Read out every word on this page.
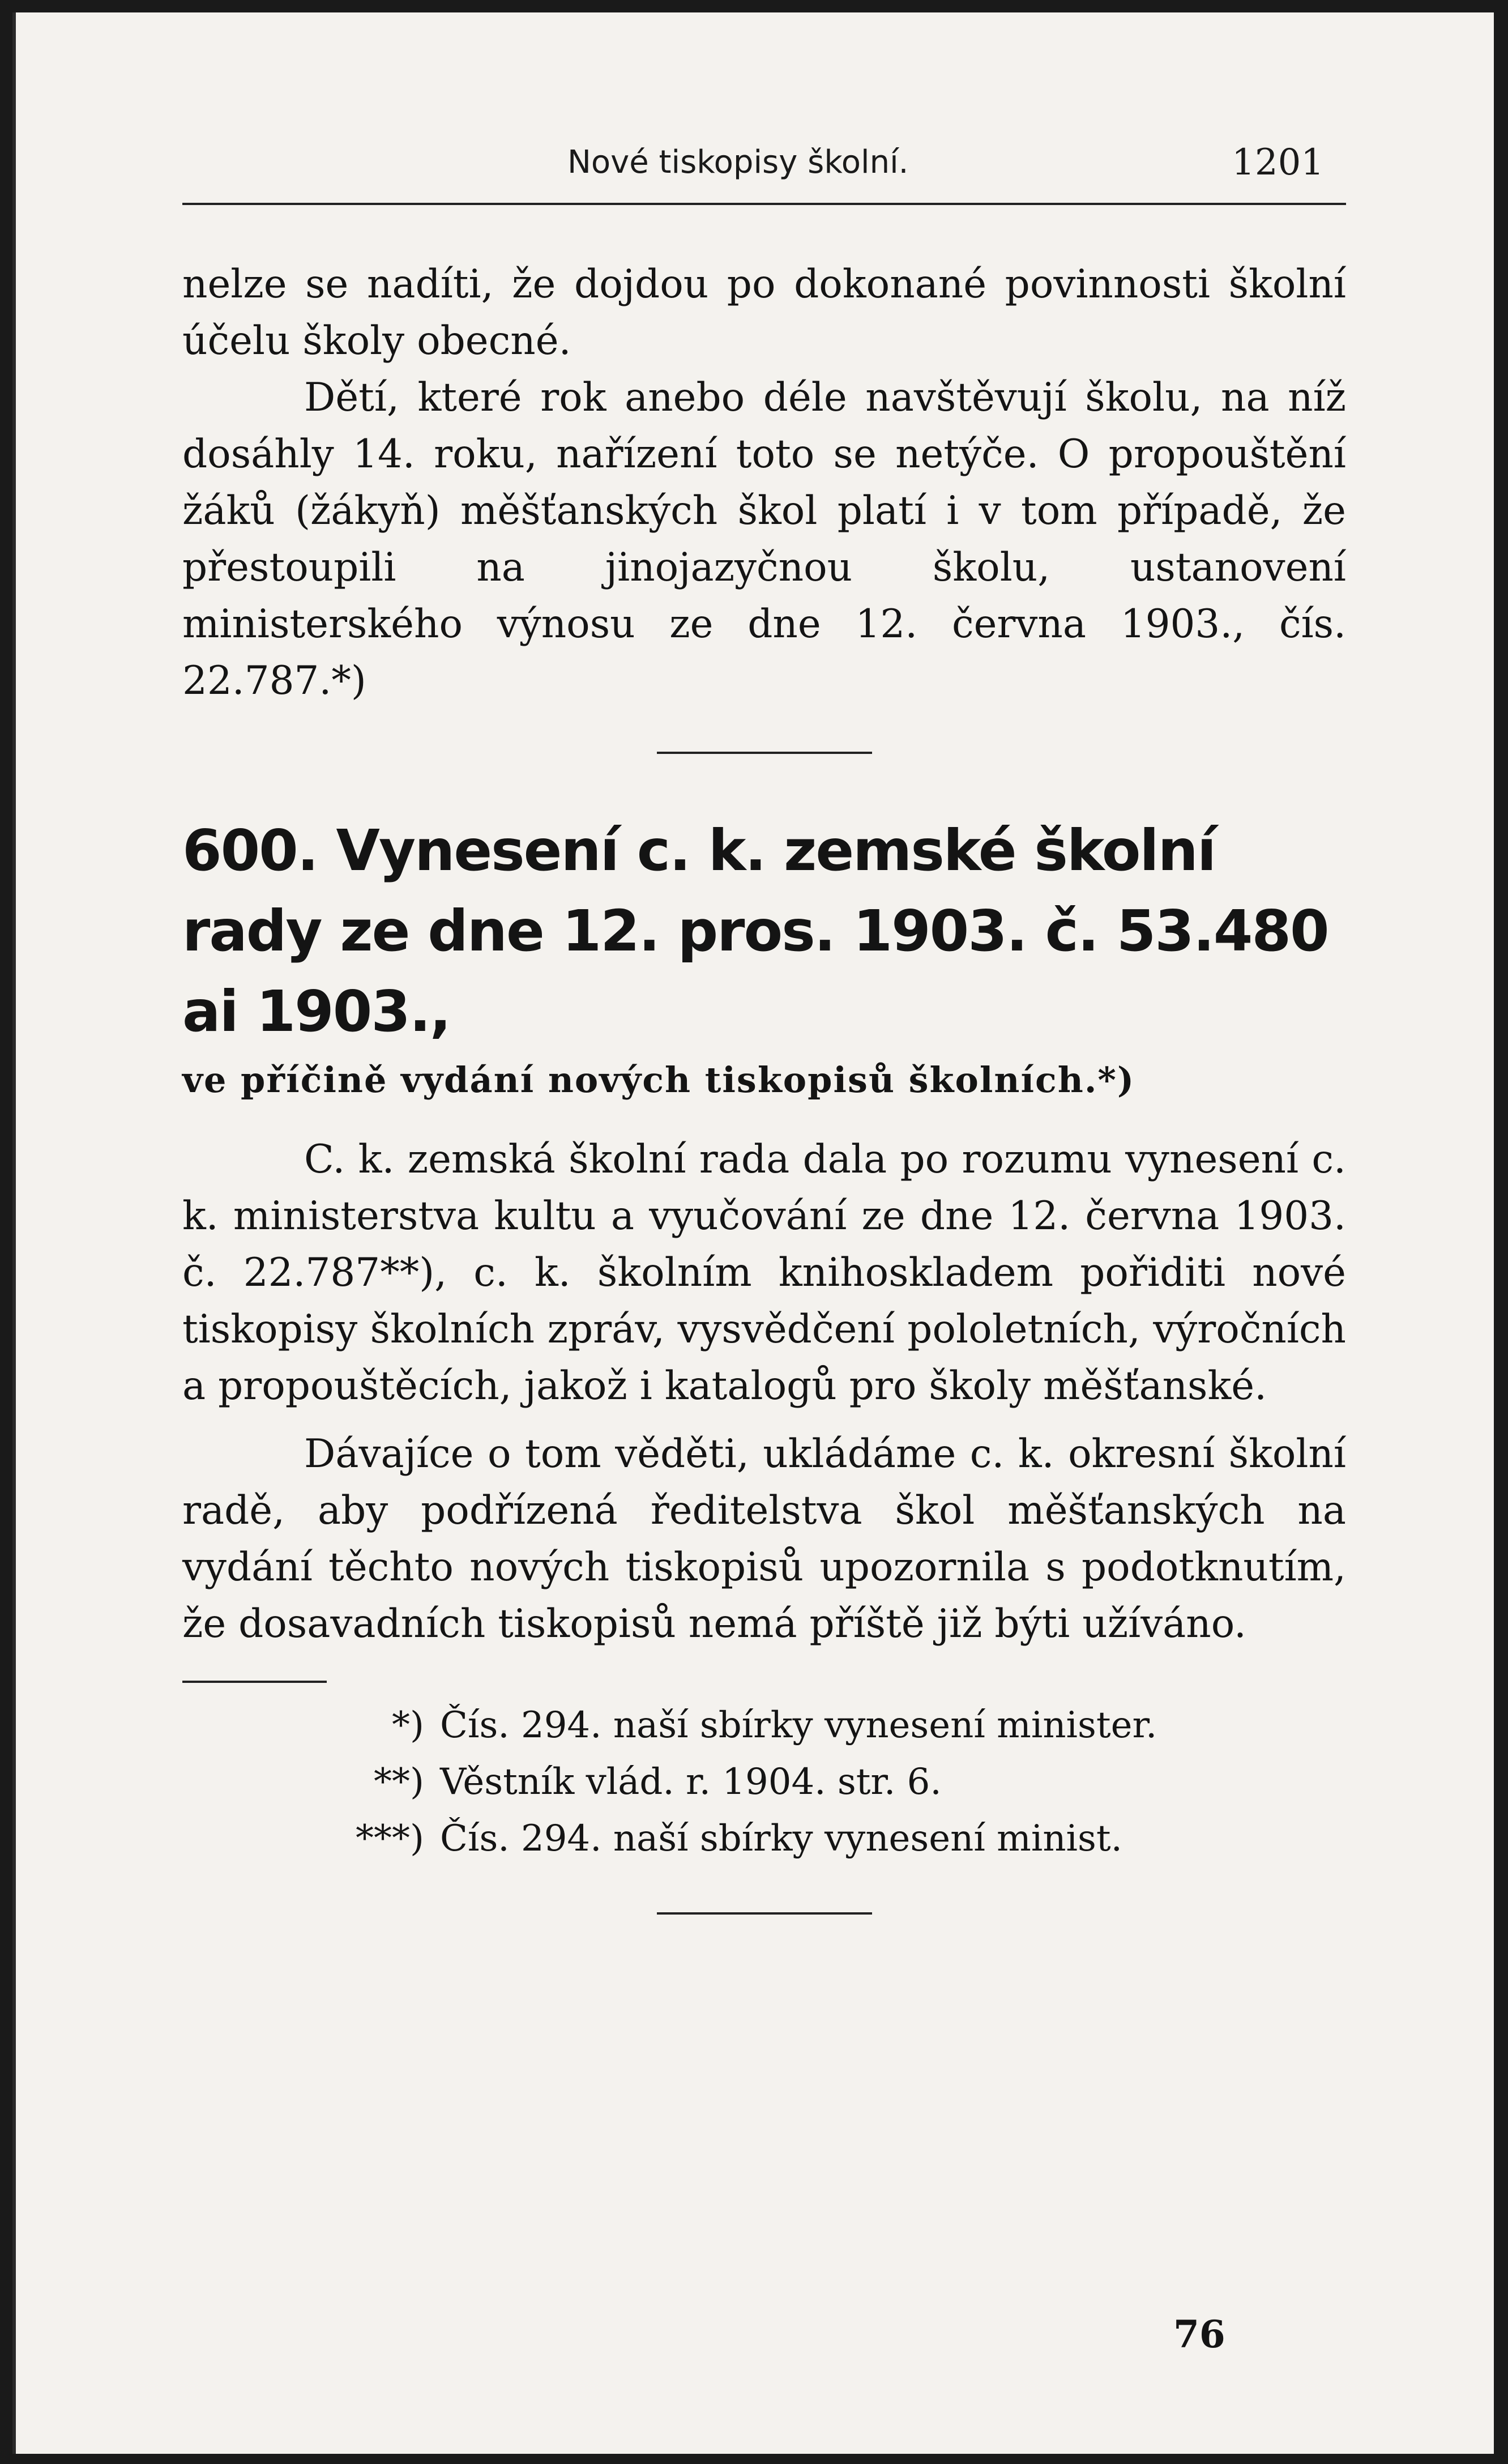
Nové tiskopisy školní.	1201

nelze se nadíti, že dojdou po dokonané povinnosti školní účelu školy obecné.

Dětí, které rok anebo déle navštěvují školu, na níž dosáhly 14. roku, nařízení toto se netýče. O propouštění žáků (žákyň) měšťanských škol platí i v tom případě, že přestoupili na jinojazyčnou školu, ustanovení ministerského výnosu ze dne 12. června 1903., čís. 22.787.*)

600. Vynesení c. k. zemské školní rady ze dne 12. pros. 1903. č. 53.480 ai 1903.,

ve příčině vydání nových tiskopisů školních.*)

C. k. zemská školní rada dala po rozumu vynesení c. k. ministerstva kultu a vyučování ze dne 12. června 1903. č. 22.787**), c. k. školním knihoskladem pořiditi nové tiskopisy školních zpráv, vysvědčení pololetních, výročních a propouštěcích, jakož i katalogů pro školy měšťanské.

Dávajíce o tom věděti, ukládáme c. k. okresní školní radě, aby podřízená ředitelstva škol měšťanských na vydání těchto nových tiskopisů upozornila s podotknutím, že dosavadních tiskopisů nemá příště již býti užíváno.

*) Čís. 294. naší sbírky vynesení minister.
**) Věstník vlád. r. 1904. str. 6.
***) Čís. 294. naší sbírky vynesení minist.
76
